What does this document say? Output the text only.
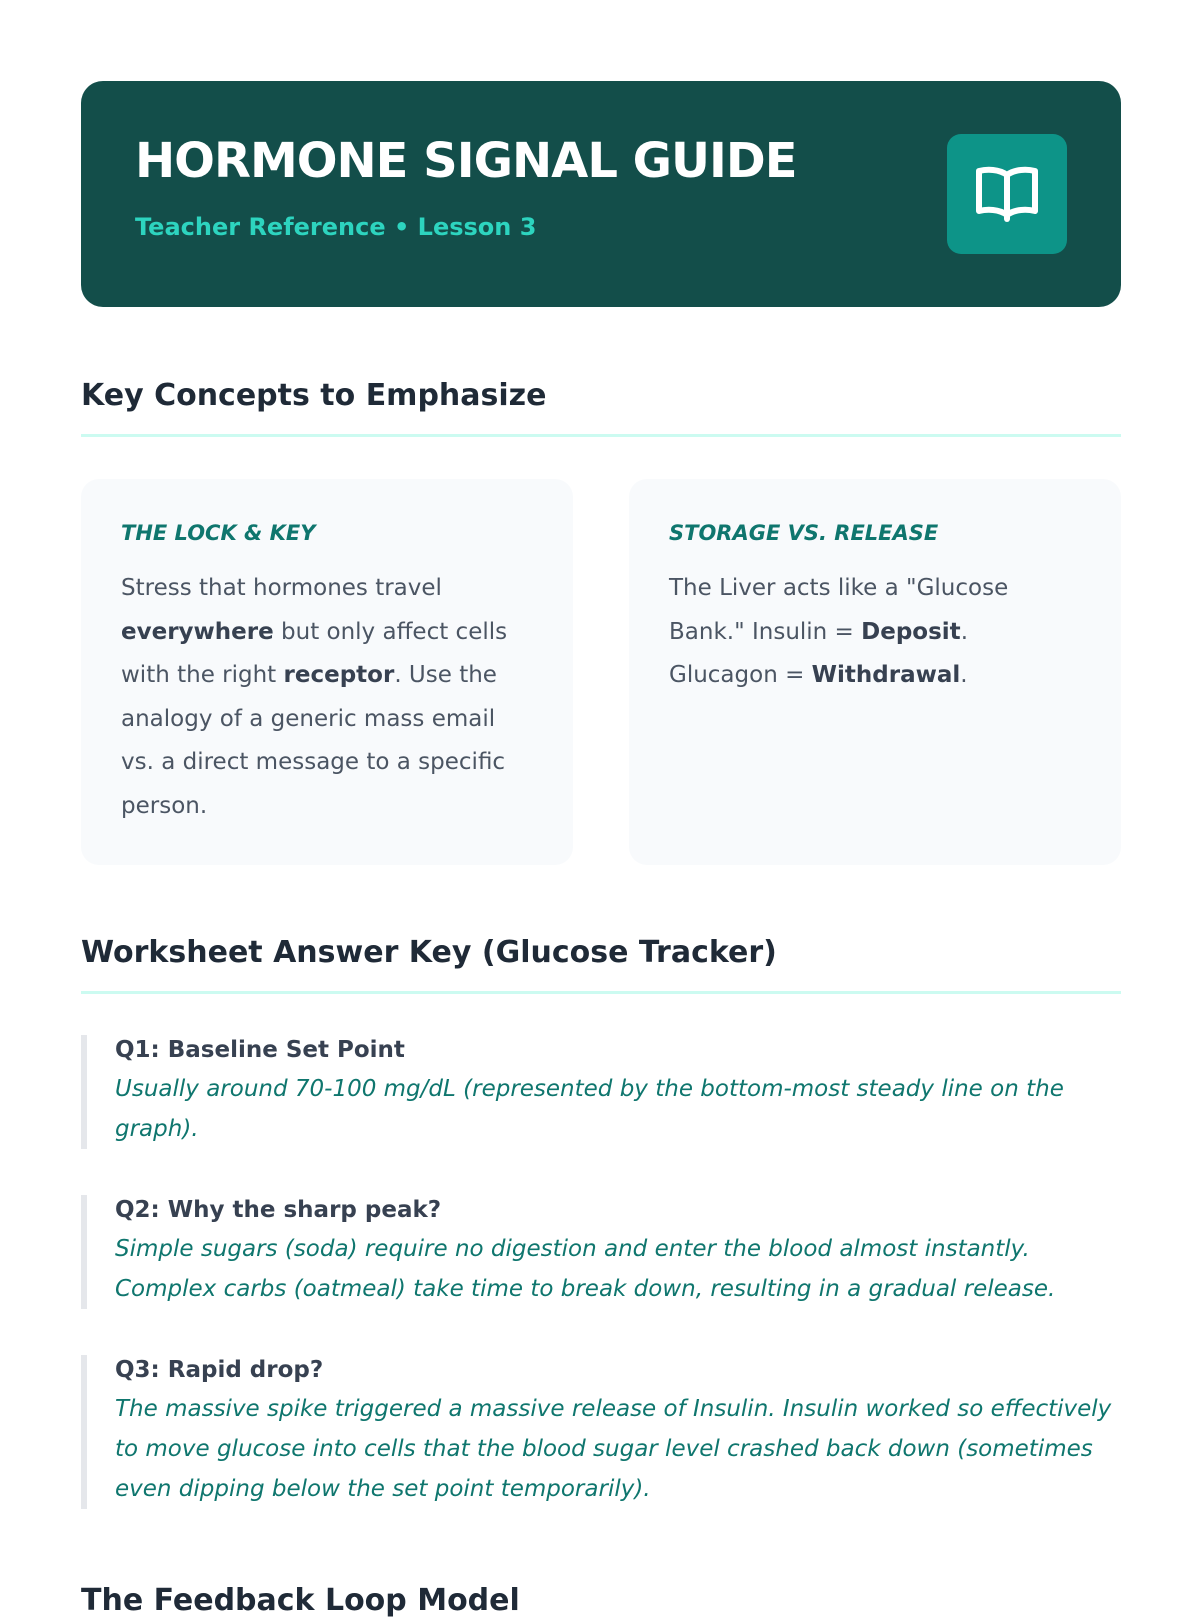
HORMONE SIGNAL GUIDE
Teacher Reference • Lesson 3
Key Concepts to Emphasize
THE LOCK & KEY
Stress that hormones travel everywhere but only affect cells with the right receptor. Use the analogy of a generic mass email vs. a direct message to a specific person.
STORAGE VS. RELEASE
The Liver acts like a "Glucose Bank." Insulin = Deposit. Glucagon = Withdrawal.
Worksheet Answer Key (Glucose Tracker)
Q1: Baseline Set Point
Usually around 70-100 mg/dL (represented by the bottom-most steady line on the graph).
Q2: Why the sharp peak?
Simple sugars (soda) require no digestion and enter the blood almost instantly. Complex carbs (oatmeal) take time to break down, resulting in a gradual release.
Q3: Rapid drop?
The massive spike triggered a massive release of Insulin. Insulin worked so effectively to move glucose into cells that the blood sugar level crashed back down (sometimes even dipping below the set point temporarily).
The Feedback Loop Model
